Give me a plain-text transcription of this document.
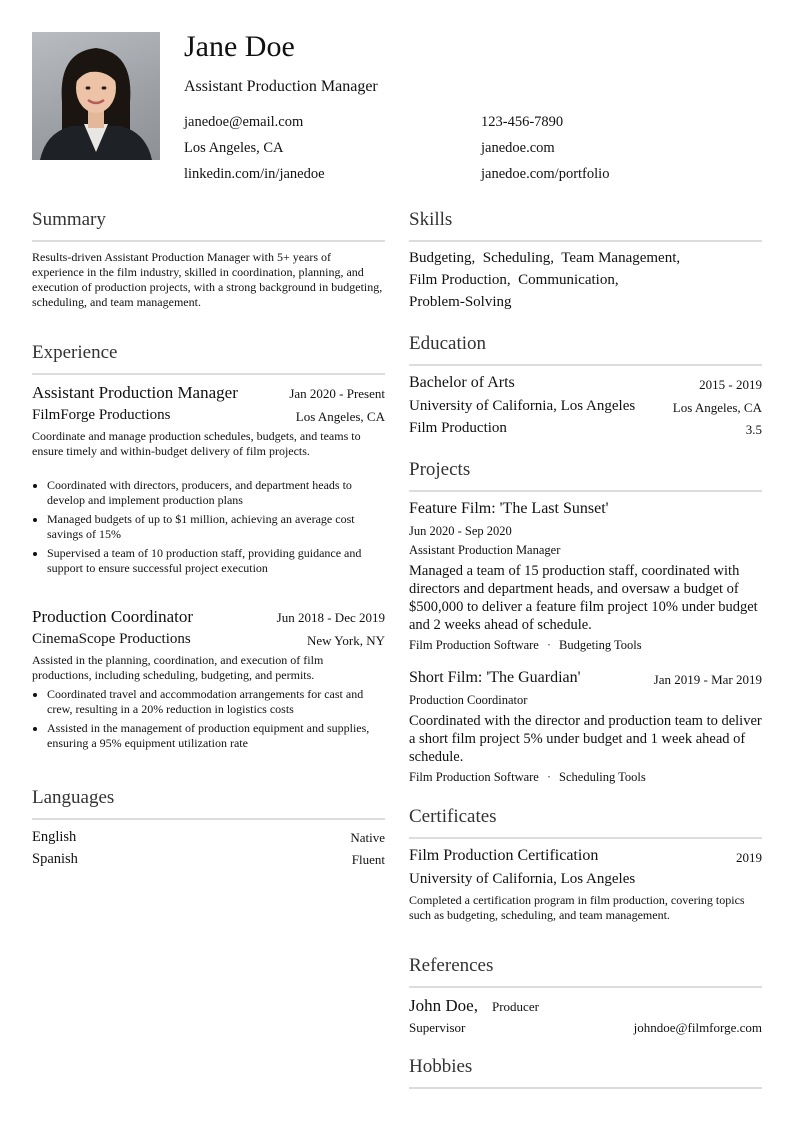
Jane Doe
Assistant Production Manager
janedoe@email.com	123-456-7890
Los Angeles, CA	janedoe.com
linkedin.com/in/janedoe	janedoe.com/portfolio
Summary
Results-driven Assistant Production Manager with 5+ years of experience in the film industry, skilled in coordination, planning, and execution of production projects, with a strong background in budgeting, scheduling, and team management.
Experience
Assistant Production Manager	Jan 2020 - Present
FilmForge Productions	Los Angeles, CA
Coordinate and manage production schedules, budgets, and teams to ensure timely and within-budget delivery of film projects.
• Coordinated with directors, producers, and department heads to develop and implement production plans
• Managed budgets of up to $1 million, achieving an average cost savings of 15%
• Supervised a team of 10 production staff, providing guidance and support to ensure successful project execution
Production Coordinator	Jun 2018 - Dec 2019
CinemaScope Productions	New York, NY
Assisted in the planning, coordination, and execution of film productions, including scheduling, budgeting, and permits.
• Coordinated travel and accommodation arrangements for cast and crew, resulting in a 20% reduction in logistics costs
• Assisted in the management of production equipment and supplies, ensuring a 95% equipment utilization rate
Languages
English	Native
Spanish	Fluent
Skills
Budgeting,  Scheduling,  Team Management,
Film Production,  Communication,
Problem-Solving
Education
Bachelor of Arts	2015 - 2019
University of California, Los Angeles	Los Angeles, CA
Film Production	3.5
Projects
Feature Film: 'The Last Sunset'
Jun 2020 - Sep 2020
Assistant Production Manager
Managed a team of 15 production staff, coordinated with directors and department heads, and oversaw a budget of $500,000 to deliver a feature film project 10% under budget and 2 weeks ahead of schedule.
Film Production Software · Budgeting Tools
Short Film: 'The Guardian'	Jan 2019 - Mar 2019
Production Coordinator
Coordinated with the director and production team to deliver a short film project 5% under budget and 1 week ahead of schedule.
Film Production Software · Scheduling Tools
Certificates
Film Production Certification	2019
University of California, Los Angeles
Completed a certification program in film production, covering topics such as budgeting, scheduling, and team management.
References
John Doe, Producer
Supervisor	johndoe@filmforge.com
Hobbies
